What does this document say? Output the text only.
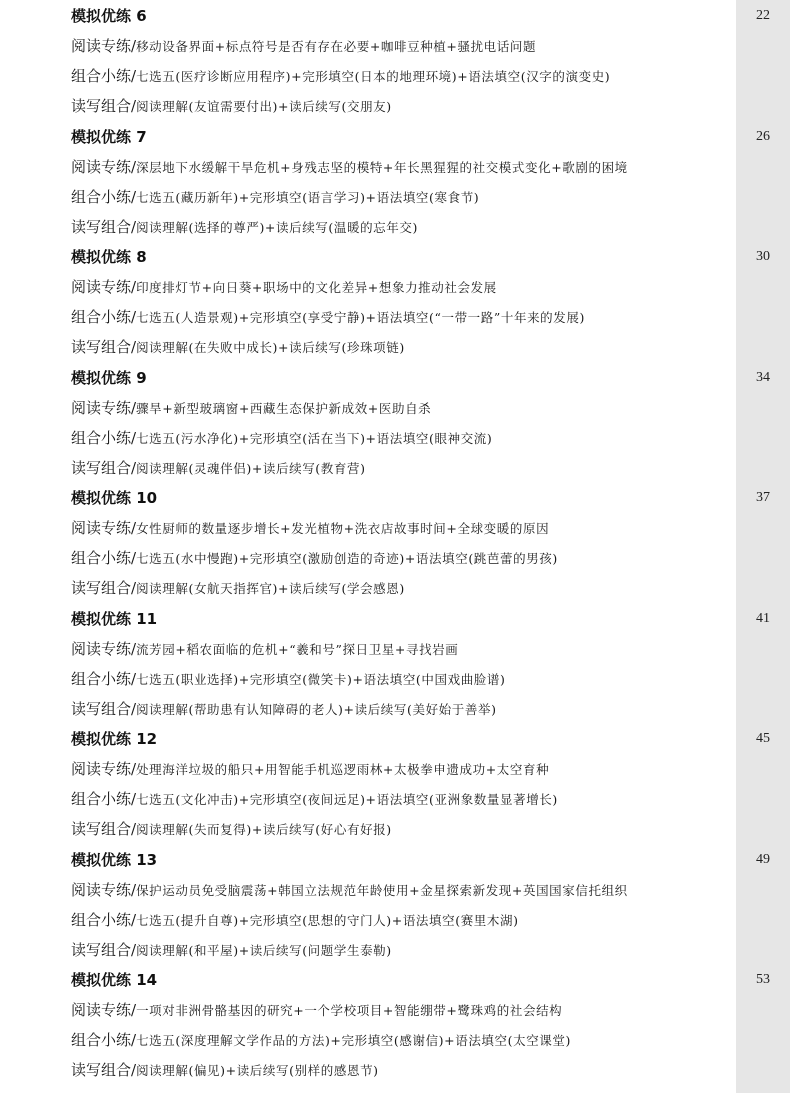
模拟优练 6	22
阅读专练/移动设备界面+标点符号是否有存在必要+咖啡豆种植+骚扰电话问题
组合小练/七选五(医疗诊断应用程序)+完形填空(日本的地理环境)+语法填空(汉字的演变史)
读写组合/阅读理解(友谊需要付出)+读后续写(交朋友)
模拟优练 7	26
阅读专练/深层地下水缓解干旱危机+身残志坚的模特+年长黑猩猩的社交模式变化+歌剧的困境
组合小练/七选五(藏历新年)+完形填空(语言学习)+语法填空(寒食节)
读写组合/阅读理解(选择的尊严)+读后续写(温暖的忘年交)
模拟优练 8	30
阅读专练/印度排灯节+向日葵+职场中的文化差异+想象力推动社会发展
组合小练/七选五(人造景观)+完形填空(享受宁静)+语法填空(“一带一路”十年来的发展)
读写组合/阅读理解(在失败中成长)+读后续写(珍珠项链)
模拟优练 9	34
阅读专练/骤旱+新型玻璃窗+西藏生态保护新成效+医助自杀
组合小练/七选五(污水净化)+完形填空(活在当下)+语法填空(眼神交流)
读写组合/阅读理解(灵魂伴侣)+读后续写(教育营)
模拟优练 10	37
阅读专练/女性厨师的数量逐步增长+发光植物+洗衣店故事时间+全球变暖的原因
组合小练/七选五(水中慢跑)+完形填空(激励创造的奇迹)+语法填空(跳芭蕾的男孩)
读写组合/阅读理解(女航天指挥官)+读后续写(学会感恩)
模拟优练 11	41
阅读专练/流芳园+稻农面临的危机+“羲和号”探日卫星+寻找岩画
组合小练/七选五(职业选择)+完形填空(微笑卡)+语法填空(中国戏曲脸谱)
读写组合/阅读理解(帮助患有认知障碍的老人)+读后续写(美好始于善举)
模拟优练 12	45
阅读专练/处理海洋垃圾的船只+用智能手机巡逻雨林+太极拳申遗成功+太空育种
组合小练/七选五(文化冲击)+完形填空(夜间远足)+语法填空(亚洲象数量显著增长)
读写组合/阅读理解(失而复得)+读后续写(好心有好报)
模拟优练 13	49
阅读专练/保护运动员免受脑震荡+韩国立法规范年龄使用+金星探索新发现+英国国家信托组织
组合小练/七选五(提升自尊)+完形填空(思想的守门人)+语法填空(赛里木湖)
读写组合/阅读理解(和平屋)+读后续写(问题学生泰勒)
模拟优练 14	53
阅读专练/一项对非洲骨骼基因的研究+一个学校项目+智能绷带+鹭珠鸡的社会结构
组合小练/七选五(深度理解文学作品的方法)+完形填空(感谢信)+语法填空(太空课堂)
读写组合/阅读理解(偏见)+读后续写(别样的感恩节)
